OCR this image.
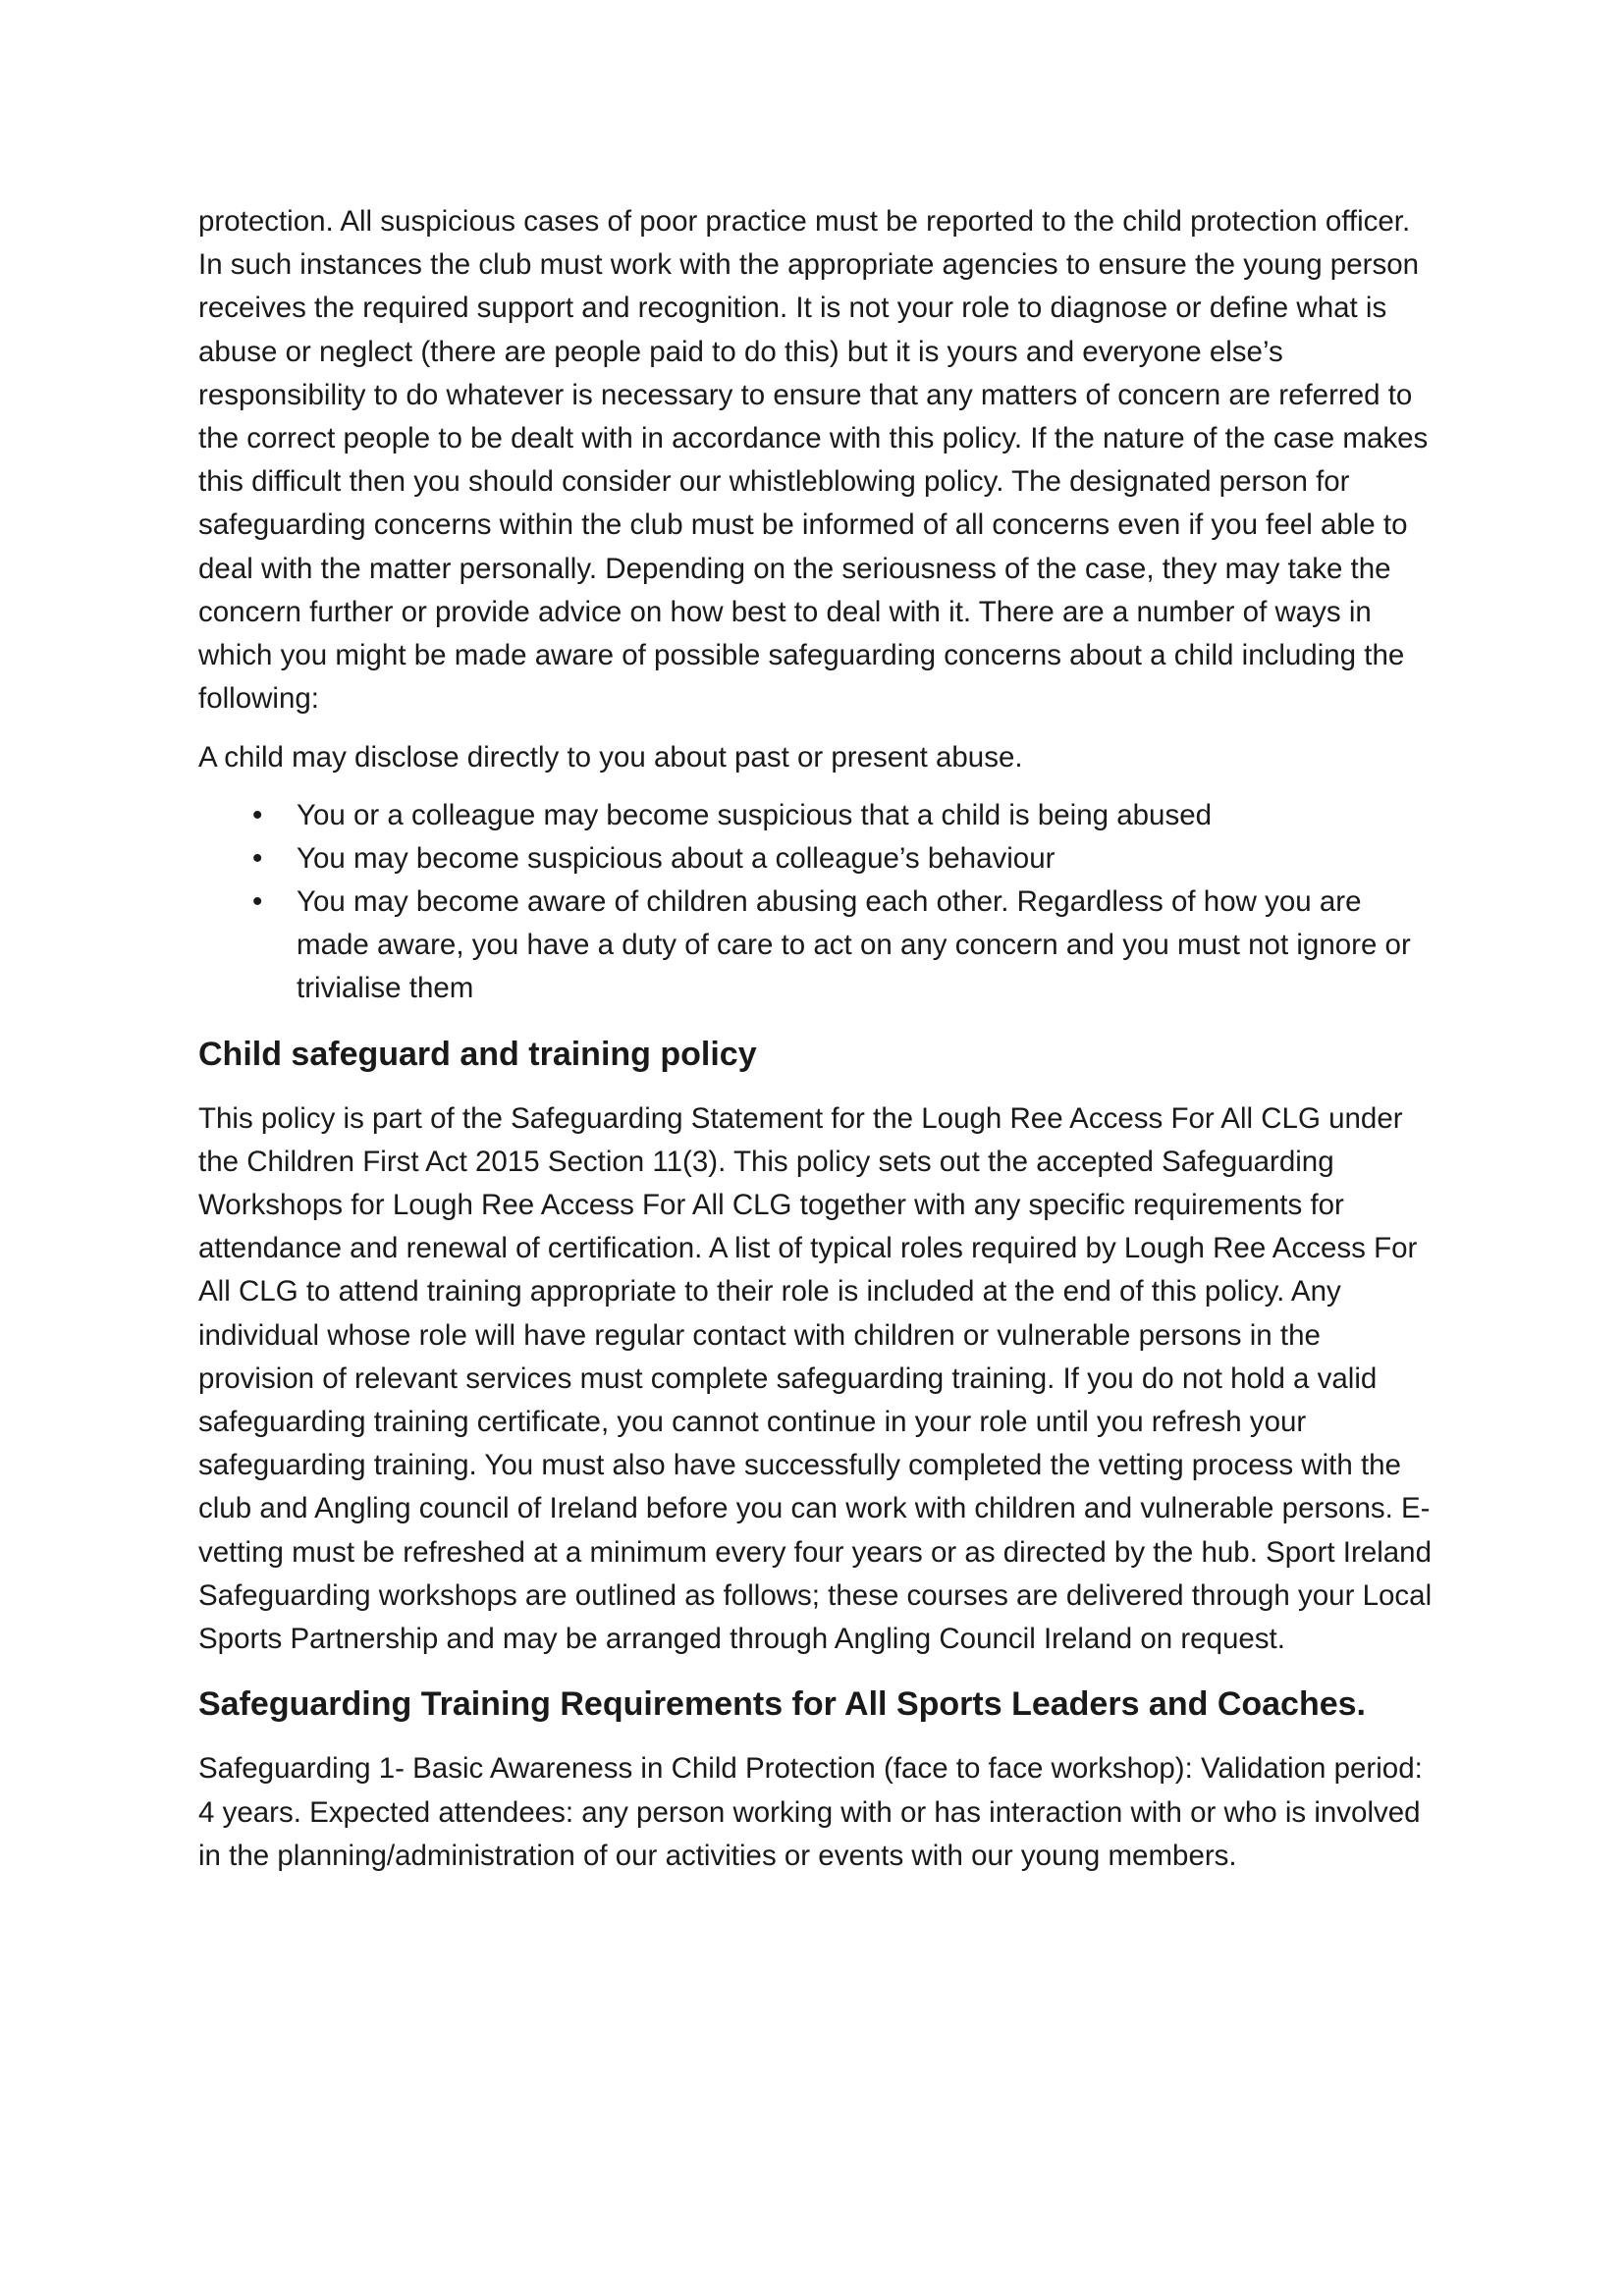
protection. All suspicious cases of poor practice must be reported to the child protection officer. In such instances the club must work with the appropriate agencies to ensure the young person receives the required support and recognition. It is not your role to diagnose or define what is abuse or neglect (there are people paid to do this) but it is yours and everyone else’s responsibility to do whatever is necessary to ensure that any matters of concern are referred to the correct people to be dealt with in accordance with this policy. If the nature of the case makes this difficult then you should consider our whistleblowing policy. The designated person for safeguarding concerns within the club must be informed of all concerns even if you feel able to deal with the matter personally. Depending on the seriousness of the case, they may take the concern further or provide advice on how best to deal with it. There are a number of ways in which you might be made aware of possible safeguarding concerns about a child including the following:

A child may disclose directly to you about past or present abuse.

• You or a colleague may become suspicious that a child is being abused
• You may become suspicious about a colleague’s behaviour
• You may become aware of children abusing each other. Regardless of how you are made aware, you have a duty of care to act on any concern and you must not ignore or trivialise them
Child safeguard and training policy

This policy is part of the Safeguarding Statement for the Lough Ree Access For All CLG under the Children First Act 2015 Section 11(3). This policy sets out the accepted Safeguarding Workshops for Lough Ree Access For All CLG together with any specific requirements for attendance and renewal of certification. A list of typical roles required by Lough Ree Access For All CLG to attend training appropriate to their role is included at the end of this policy. Any individual whose role will have regular contact with children or vulnerable persons in the provision of relevant services must complete safeguarding training. If you do not hold a valid safeguarding training certificate, you cannot continue in your role until you refresh your safeguarding training. You must also have successfully completed the vetting process with the club and Angling council of Ireland before you can work with children and vulnerable persons. E-vetting must be refreshed at a minimum every four years or as directed by the hub. Sport Ireland Safeguarding workshops are outlined as follows; these courses are delivered through your Local Sports Partnership and may be arranged through Angling Council Ireland on request.

Safeguarding Training Requirements for All Sports Leaders and Coaches.

Safeguarding 1- Basic Awareness in Child Protection (face to face workshop): Validation period: 4 years. Expected attendees: any person working with or has interaction with or who is involved in the planning/administration of our activities or events with our young members.
